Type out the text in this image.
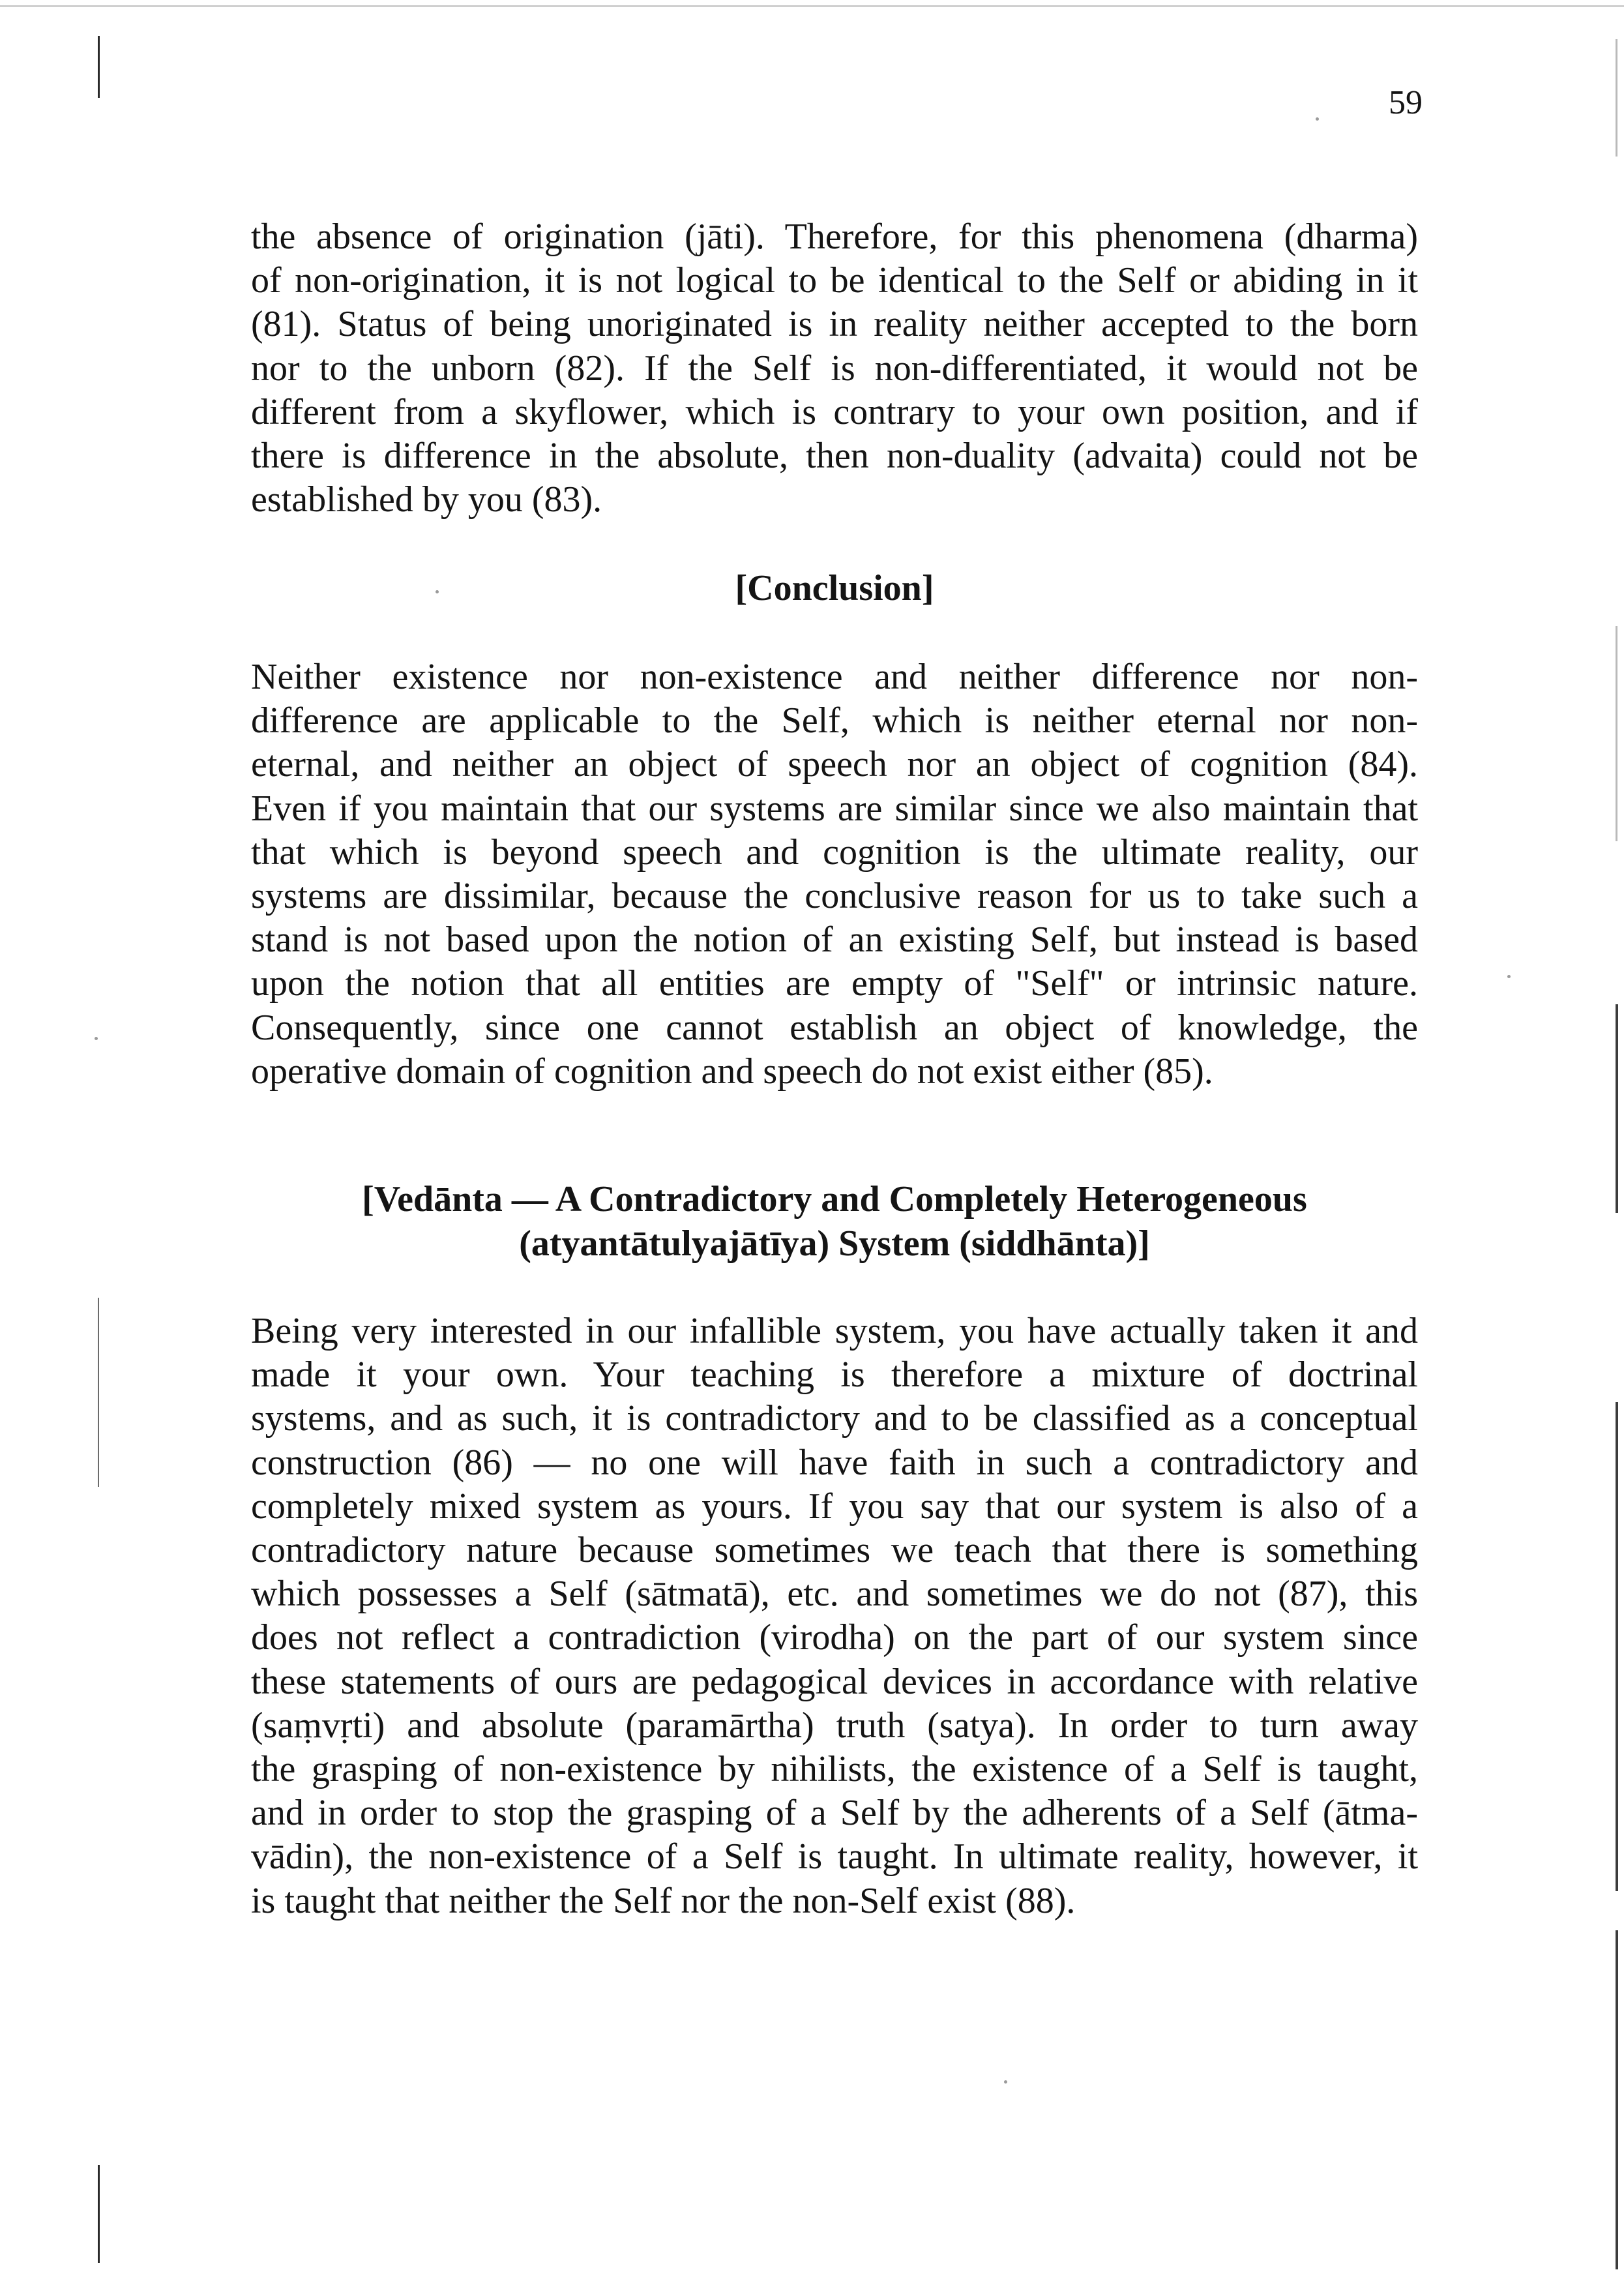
59
the absence of origination (jāti). Therefore, for this phenomena (dharma)
of non-origination, it is not logical to be identical to the Self or abiding in it
(81). Status of being unoriginated is in reality neither accepted to the born
nor to the unborn (82). If the Self is non-differentiated, it would not be
different from a skyflower, which is contrary to your own position, and if
there is difference in the absolute, then non-duality (advaita) could not be
established by you (83).
[Conclusion]
Neither existence nor non-existence and neither difference nor non-
difference are applicable to the Self, which is neither eternal nor non-
eternal, and neither an object of speech nor an object of cognition (84).
Even if you maintain that our systems are similar since we also maintain that
that which is beyond speech and cognition is the ultimate reality, our
systems are dissimilar, because the conclusive reason for us to take such a
stand is not based upon the notion of an existing Self, but instead is based
upon the notion that all entities are empty of "Self" or intrinsic nature.
Consequently, since one cannot establish an object of knowledge, the
operative domain of cognition and speech do not exist either (85).
[Vedānta — A Contradictory and Completely Heterogeneous
(atyantātulyajātīya) System (siddhānta)]
Being very interested in our infallible system, you have actually taken it and
made it your own. Your teaching is therefore a mixture of doctrinal
systems, and as such, it is contradictory and to be classified as a conceptual
construction (86) — no one will have faith in such a contradictory and
completely mixed system as yours. If you say that our system is also of a
contradictory nature because sometimes we teach that there is something
which possesses a Self (sātmatā), etc. and sometimes we do not (87), this
does not reflect a contradiction (virodha) on the part of our system since
these statements of ours are pedagogical devices in accordance with relative
(saṃvṛti) and absolute (paramārtha) truth (satya). In order to turn away
the grasping of non-existence by nihilists, the existence of a Self is taught,
and in order to stop the grasping of a Self by the adherents of a Self (ātma-
vādin), the non-existence of a Self is taught. In ultimate reality, however, it
is taught that neither the Self nor the non-Self exist (88).
